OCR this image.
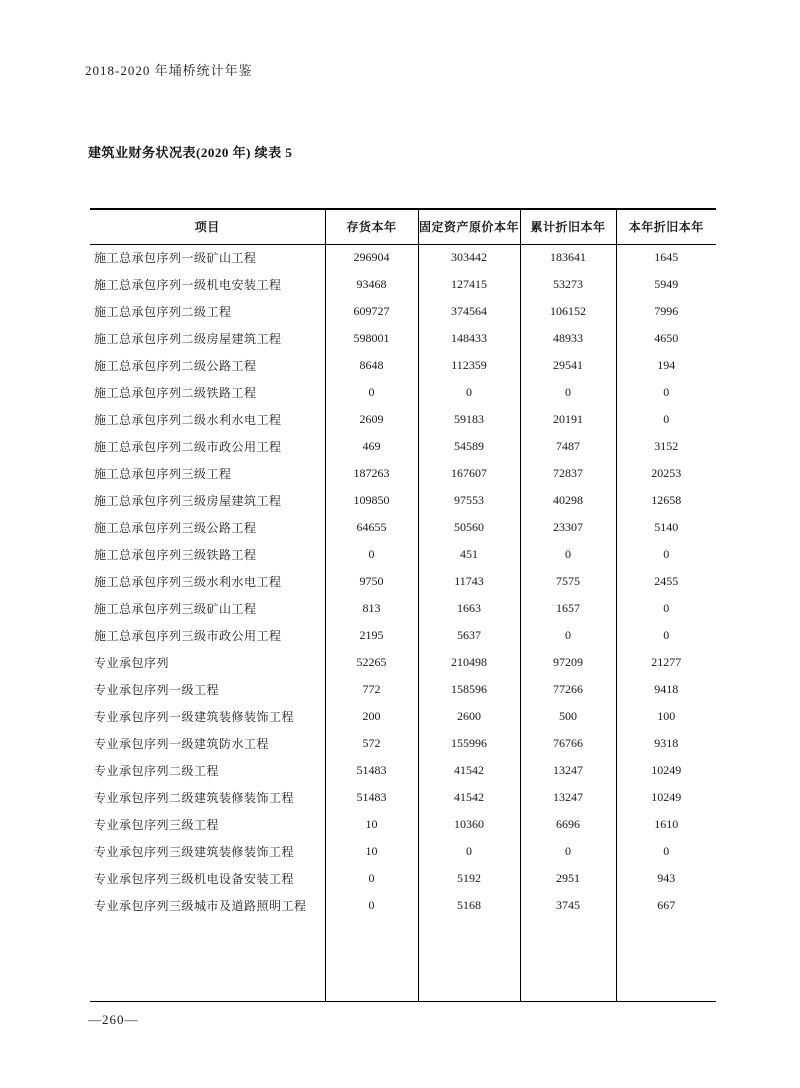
2018-2020 年埇桥统计年鉴
建筑业财务状况表(2020 年) 续表 5
项目	存货本年	固定资产原价本年	累计折旧本年	本年折旧本年
施工总承包序列一级矿山工程	296904	303442	183641	1645
施工总承包序列一级机电安装工程	93468	127415	53273	5949
施工总承包序列二级工程	609727	374564	106152	7996
施工总承包序列二级房屋建筑工程	598001	148433	48933	4650
施工总承包序列二级公路工程	8648	112359	29541	194
施工总承包序列二级铁路工程	0	0	0	0
施工总承包序列二级水利水电工程	2609	59183	20191	0
施工总承包序列二级市政公用工程	469	54589	7487	3152
施工总承包序列三级工程	187263	167607	72837	20253
施工总承包序列三级房屋建筑工程	109850	97553	40298	12658
施工总承包序列三级公路工程	64655	50560	23307	5140
施工总承包序列三级铁路工程	0	451	0	0
施工总承包序列三级水利水电工程	9750	11743	7575	2455
施工总承包序列三级矿山工程	813	1663	1657	0
施工总承包序列三级市政公用工程	2195	5637	0	0
专业承包序列	52265	210498	97209	21277
专业承包序列一级工程	772	158596	77266	9418
专业承包序列一级建筑装修装饰工程	200	2600	500	100
专业承包序列一级建筑防水工程	572	155996	76766	9318
专业承包序列二级工程	51483	41542	13247	10249
专业承包序列二级建筑装修装饰工程	51483	41542	13247	10249
专业承包序列三级工程	10	10360	6696	1610
专业承包序列三级建筑装修装饰工程	10	0	0	0
专业承包序列三级机电设备安装工程	0	5192	2951	943
专业承包序列三级城市及道路照明工程	0	5168	3745	667

—260—
